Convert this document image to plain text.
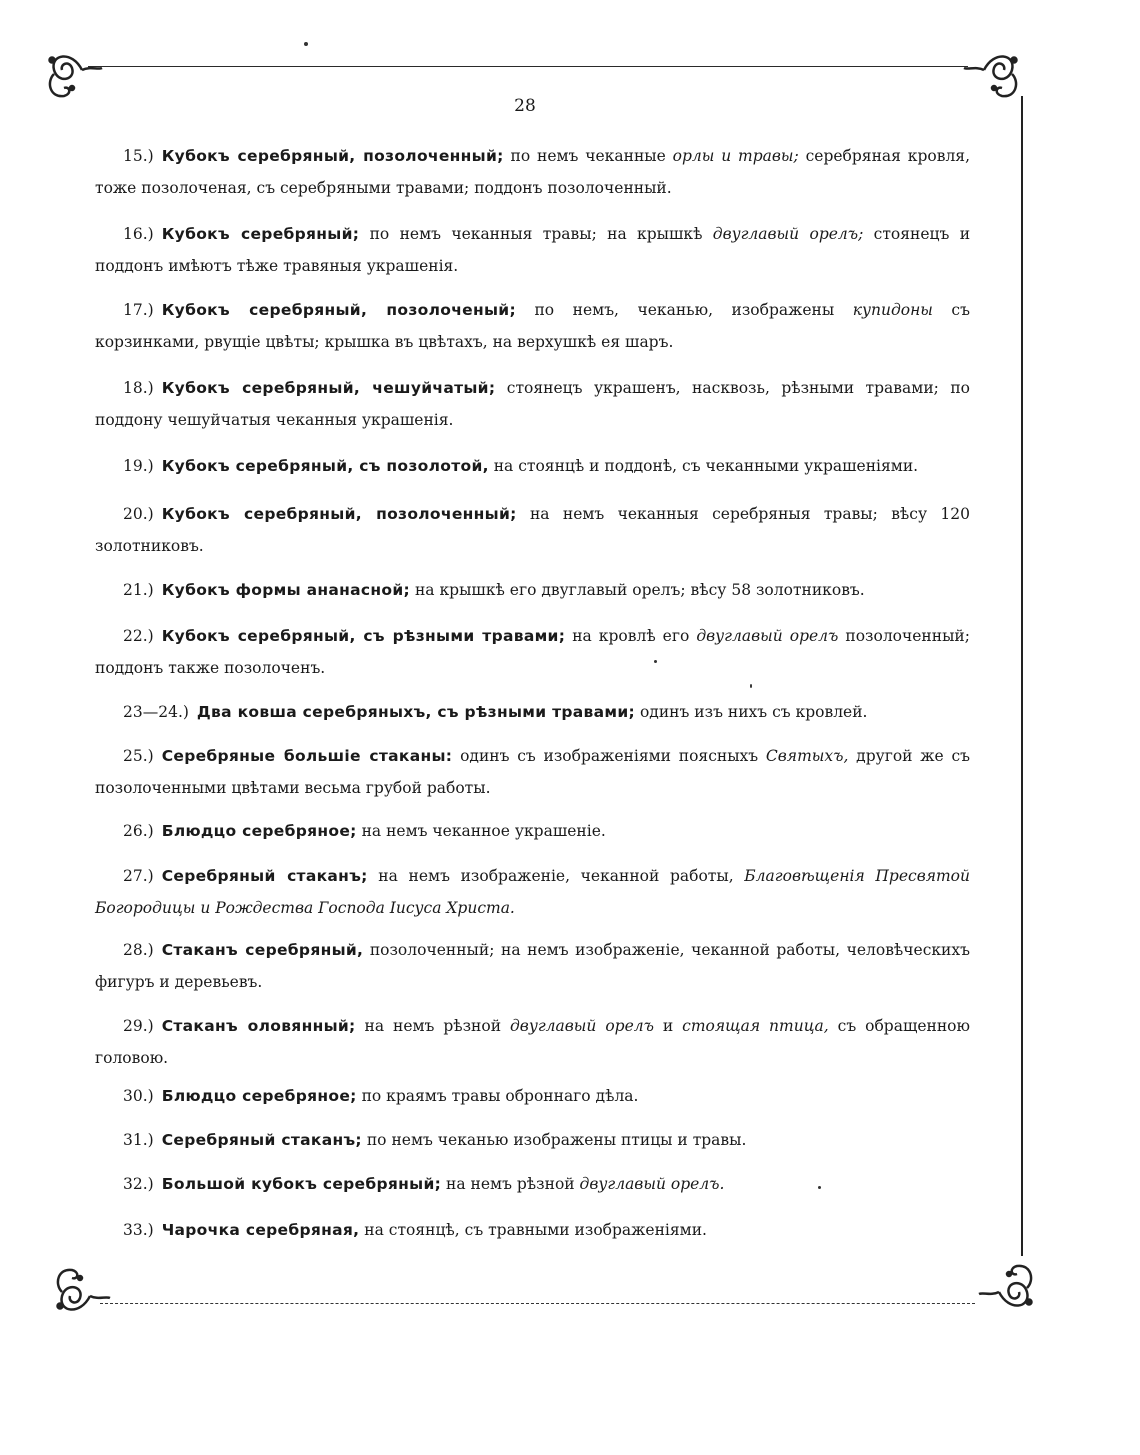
28
15.) Кубокъ серебряный, позолоченный; по немъ чеканные орлы и травы; серебряная кровля, тоже позолоченая, съ серебряными травами; поддонъ позолоченный.
16.) Кубокъ серебряный; по немъ чеканныя травы; на крышкѣ двуглавый орелъ; стоянецъ и поддонъ имѣютъ тѣже травяныя украшенія.
17.) Кубокъ серебряный, позолоченый; по немъ, чеканью, изображены купидоны съ корзинками, рвущіе цвѣты; крышка въ цвѣтахъ, на верхушкѣ ея шаръ.
18.) Кубокъ серебряный, чешуйчатый; стоянецъ украшенъ, насквозь, рѣзными травами; по поддону чешуйчатыя чеканныя украшенія.
19.) Кубокъ серебряный, съ позолотой, на стоянцѣ и поддонѣ, съ чеканными украшеніями.
20.) Кубокъ серебряный, позолоченный; на немъ чеканныя серебряныя травы; вѣсу 120 золотниковъ.
21.) Кубокъ формы ананасной; на крышкѣ его двуглавый орелъ; вѣсу 58 золотниковъ.
22.) Кубокъ серебряный, съ рѣзными травами; на кровлѣ его двуглавый орелъ позолоченный; поддонъ также позолоченъ.
23—24.) Два ковша серебряныхъ, съ рѣзными травами; одинъ изъ нихъ съ кровлей.
25.) Серебряные большіе стаканы: одинъ съ изображеніями поясныхъ Святыхъ, другой же съ позолоченными цвѣтами весьма грубой работы.
26.) Блюдцо серебряное; на немъ чеканное украшеніе.
27.) Серебряный стаканъ; на немъ изображеніе, чеканной работы, Благовѣщенія Пресвятой Богородицы и Рождества Господа Іисуса Христа.
28.) Стаканъ серебряный, позолоченный; на немъ изображеніе, чеканной работы, человѣческихъ фигуръ и деревьевъ.
29.) Стаканъ оловянный; на немъ рѣзной двуглавый орелъ и стоящая птица, съ обращенною головою.
30.) Блюдцо серебряное; по краямъ травы оброннаго дѣла.
31.) Серебряный стаканъ; по немъ чеканью изображены птицы и травы.
32.) Большой кубокъ серебряный; на немъ рѣзной двуглавый орелъ.
33.) Чарочка серебряная, на стоянцѣ, съ травными изображеніями.
